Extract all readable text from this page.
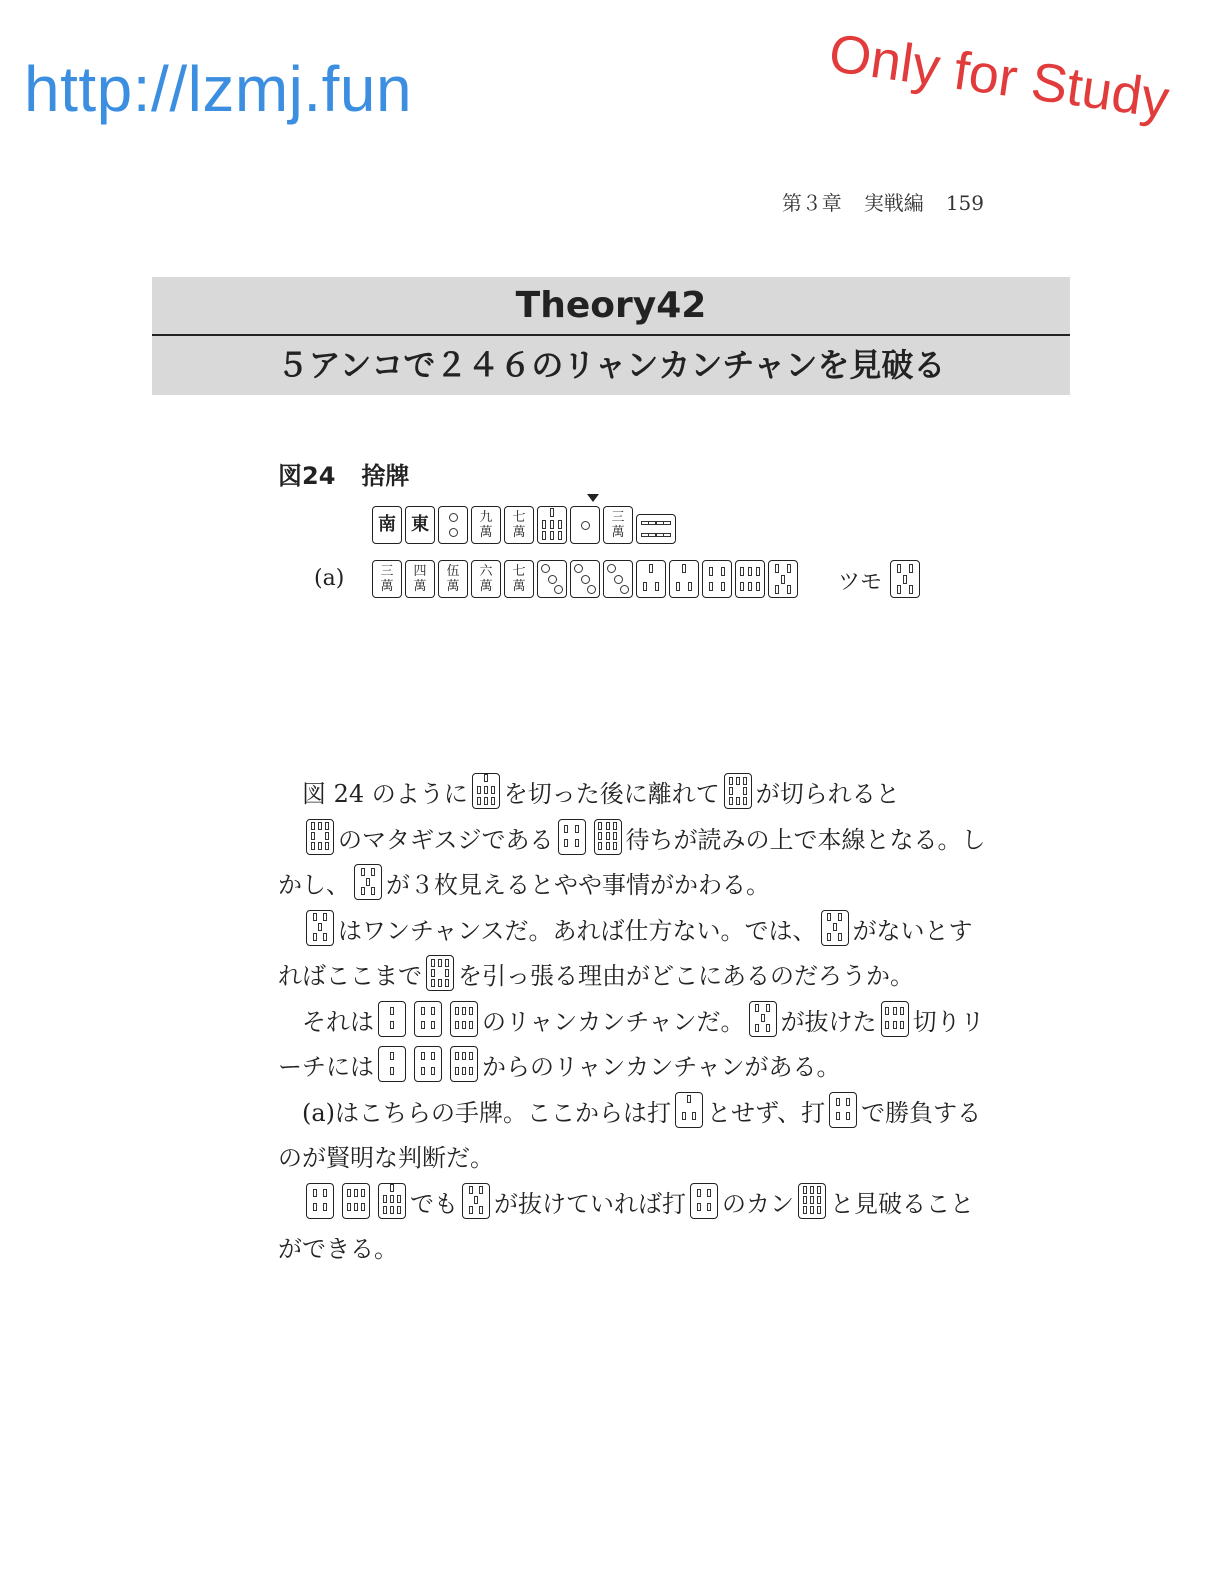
http://lzmj.fun	Only for Study
第３章 実戦編 159
Theory42
５アンコで２４６のリャンカンチャンを見破る
図24 捨牌
南 東	九
萬
七
萬
三
萬
(a)	三
萬
四
萬
伍
萬
六
萬
七
萬	ツモ

図 24 のように を切った後に離れて が切られると

のマタギスジである	待ちが読みの上で本線となる。しかし、 が３枚見えるとやや事情がかわる。

はワンチャンスだ。あれば仕方ない。では、 がないとすればここまで を引っ張る理由がどこにあるのだろうか。

それは	のリャンカンチャンだ。 が抜けた 切りリーチには	からのリャンカンチャンがある。

(a)はこちらの手牌。ここからは打 とせず、打 で勝負するのが賢明な判断だ。

でも が抜けていれば打 のカン と見破ることができる。
